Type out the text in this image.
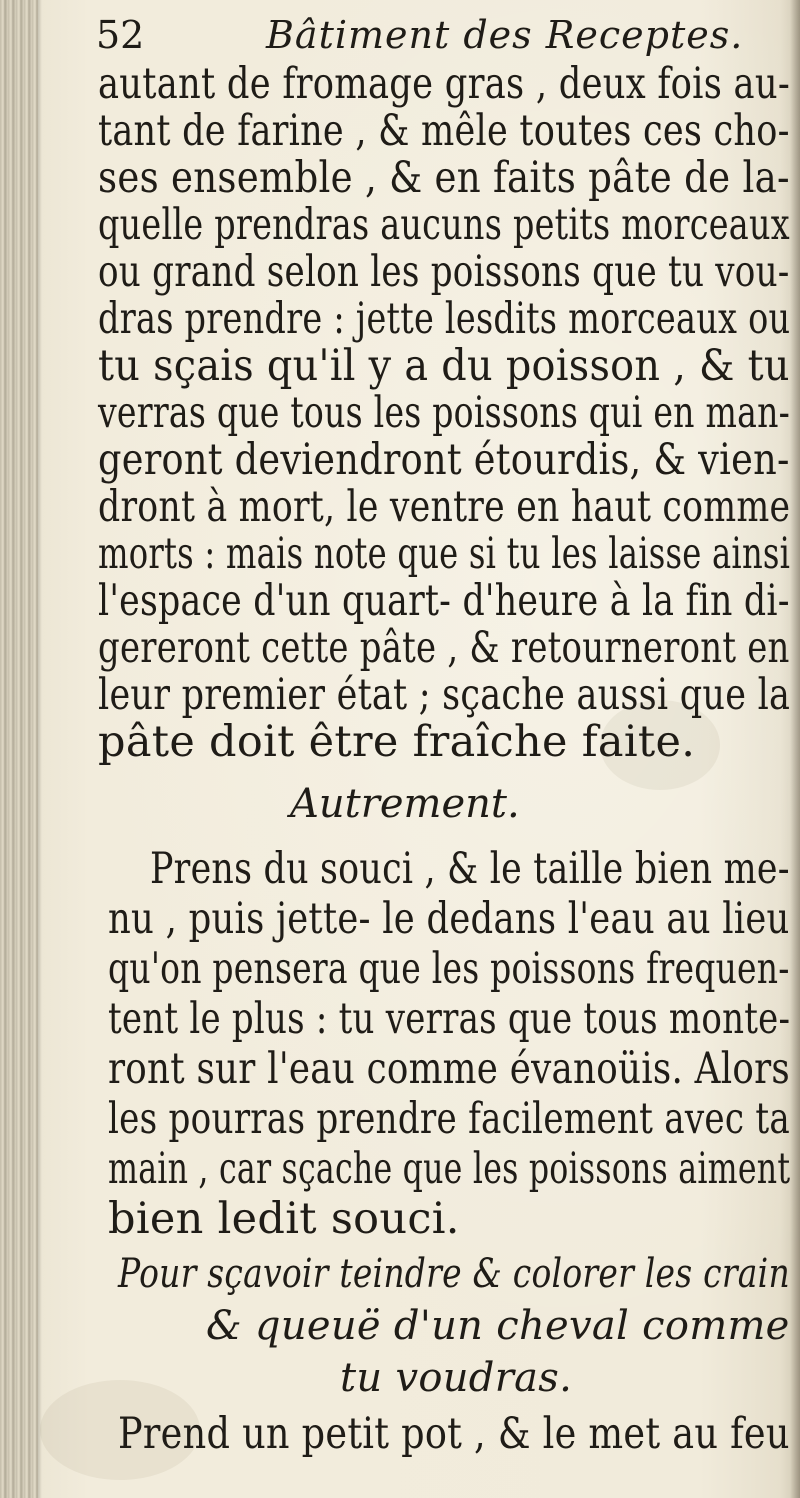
52	Bâtiment des Receptes.
autant de fromage gras , deux fois au-
tant de farine , & mêle toutes ces cho-
ses ensemble , & en faits pâte de la-
quelle prendras aucuns petits morceaux
ou grand selon les poissons que tu vou-
dras prendre : jette lesdits morceaux ou
tu sçais qu'il y a du poisson , & tu
verras que tous les poissons qui en man-
geront deviendront étourdis, & vien-
dront à mort, le ventre en haut comme
morts : mais note que si tu les laisse ainsi
l'espace d'un quart- d'heure à la fin di-
gereront cette pâte , & retourneront en
leur premier état ; sçache aussi que la
pâte doit être fraîche faite.
Autrement.
Prens du souci , & le taille bien me-
nu , puis jette- le dedans l'eau au lieu
qu'on pensera que les poissons frequen-
tent le plus : tu verras que tous monte-
ront sur l'eau comme évanoüis. Alors
les pourras prendre facilement avec ta
main , car sçache que les poissons aiment
bien ledit souci.
Pour sçavoir teindre & colorer les crain
& queuë d'un cheval comme
tu voudras.
Prend un petit pot , & le met au feu
